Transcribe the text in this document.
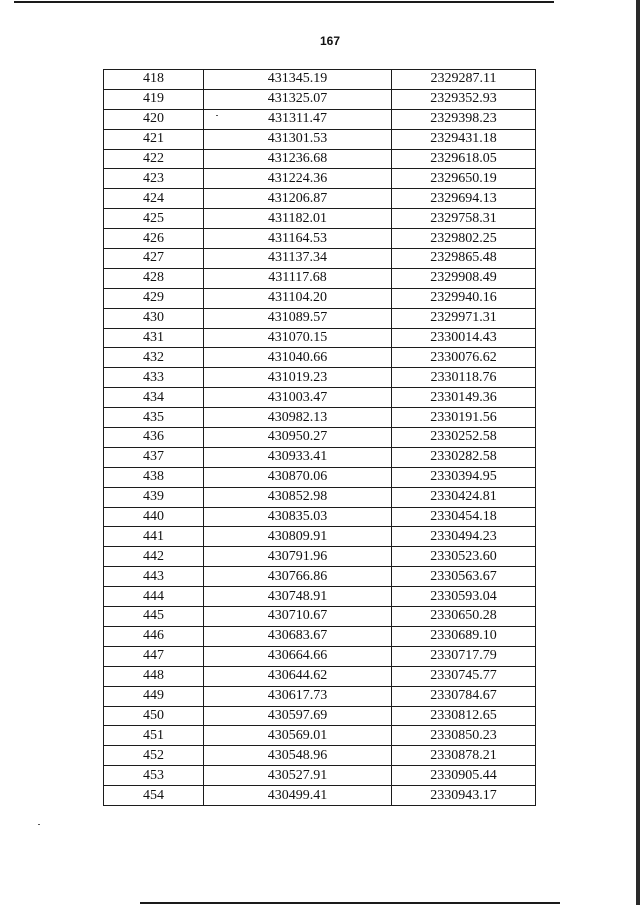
167
418	431345.19	2329287.11
419	431325.07	2329352.93
420	431311.47	2329398.23
421	431301.53	2329431.18
422	431236.68	2329618.05
423	431224.36	2329650.19
424	431206.87	2329694.13
425	431182.01	2329758.31
426	431164.53	2329802.25
427	431137.34	2329865.48
428	431117.68	2329908.49
429	431104.20	2329940.16
430	431089.57	2329971.31
431	431070.15	2330014.43
432	431040.66	2330076.62
433	431019.23	2330118.76
434	431003.47	2330149.36
435	430982.13	2330191.56
436	430950.27	2330252.58
437	430933.41	2330282.58
438	430870.06	2330394.95
439	430852.98	2330424.81
440	430835.03	2330454.18
441	430809.91	2330494.23
442	430791.96	2330523.60
443	430766.86	2330563.67
444	430748.91	2330593.04
445	430710.67	2330650.28
446	430683.67	2330689.10
447	430664.66	2330717.79
448	430644.62	2330745.77
449	430617.73	2330784.67
450	430597.69	2330812.65
451	430569.01	2330850.23
452	430548.96	2330878.21
453	430527.91	2330905.44
454	430499.41	2330943.17
